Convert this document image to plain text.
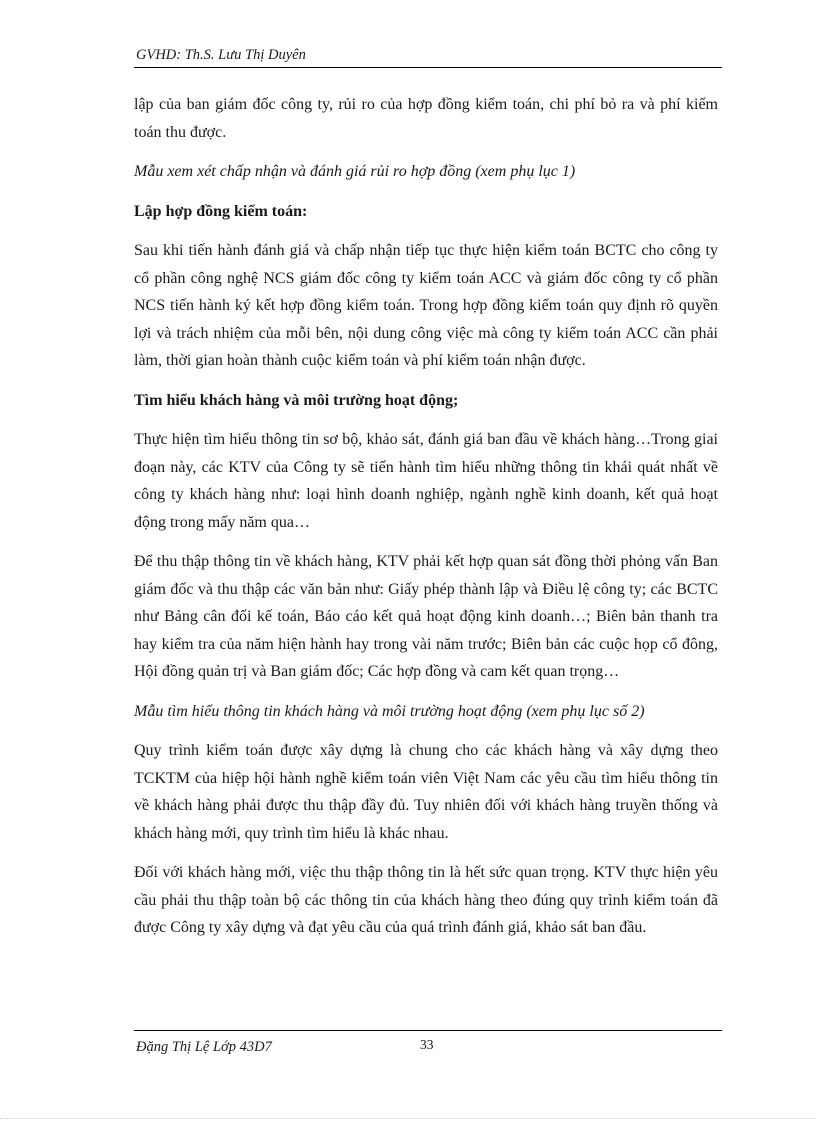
GVHD: Th.S. Lưu Thị Duyên

lập của ban giám đốc công ty, rủi ro của hợp đồng kiểm toán, chi phí bỏ ra và phí kiểm toán thu được.

Mẫu xem xét chấp nhận và đánh giá rủi ro hợp đồng (xem phụ lục 1)

Lập hợp đồng kiểm toán:

Sau khi tiến hành đánh giá và chấp nhận tiếp tục thực hiện kiểm toán BCTC cho công ty cổ phần công nghệ NCS giám đốc công ty kiểm toán ACC và giám đốc công ty cổ phần NCS tiến hành ký kết hợp đồng kiểm toán. Trong hợp đồng kiểm toán quy định rõ quyền lợi và trách nhiệm của mỗi bên, nội dung công việc mà công ty kiểm toán ACC cần phải làm, thời gian hoàn thành cuộc kiểm toán và phí kiểm toán nhận được.

Tìm hiểu khách hàng và môi trường hoạt động;

Thực hiện tìm hiểu thông tin sơ bộ, khảo sát, đánh giá ban đầu về khách hàng…Trong giai đoạn này, các KTV của Công ty sẽ tiến hành tìm hiểu những thông tin khái quát nhất về công ty khách hàng như: loại hình doanh nghiệp, ngành nghề kinh doanh, kết quả hoạt động trong mấy năm qua…

Để thu thập thông tin về khách hàng, KTV phải kết hợp quan sát đồng thời phỏng vấn Ban giám đốc và thu thập các văn bản như: Giấy phép thành lập và Điều lệ công ty; các BCTC như Bảng cân đối kế toán, Báo cáo kết quả hoạt động kinh doanh…; Biên bản thanh tra hay kiểm tra của năm hiện hành hay trong vài năm trước; Biên bản các cuộc họp cổ đông, Hội đồng quản trị và Ban giám đốc; Các hợp đồng và cam kết quan trọng…

Mẫu tìm hiểu thông tin khách hàng và môi trường hoạt động (xem phụ lục số 2)

Quy trình kiểm toán được xây dựng là chung cho các khách hàng và xây dựng theo TCKTM của hiệp hội hành nghề kiểm toán viên Việt Nam các yêu cầu tìm hiểu thông tin về khách hàng phải được thu thập đầy đủ. Tuy nhiên đối với khách hàng truyền thống và khách hàng mới, quy trình tìm hiểu là khác nhau.

Đối với khách hàng mới, việc thu thập thông tin là hết sức quan trọng. KTV thực hiện yêu cầu phải thu thập toàn bộ các thông tin của khách hàng theo đúng quy trình kiểm toán đã được Công ty xây dựng và đạt yêu cầu của quá trình đánh giá, khảo sát ban đầu.

Đặng Thị Lệ Lớp 43D7	33
